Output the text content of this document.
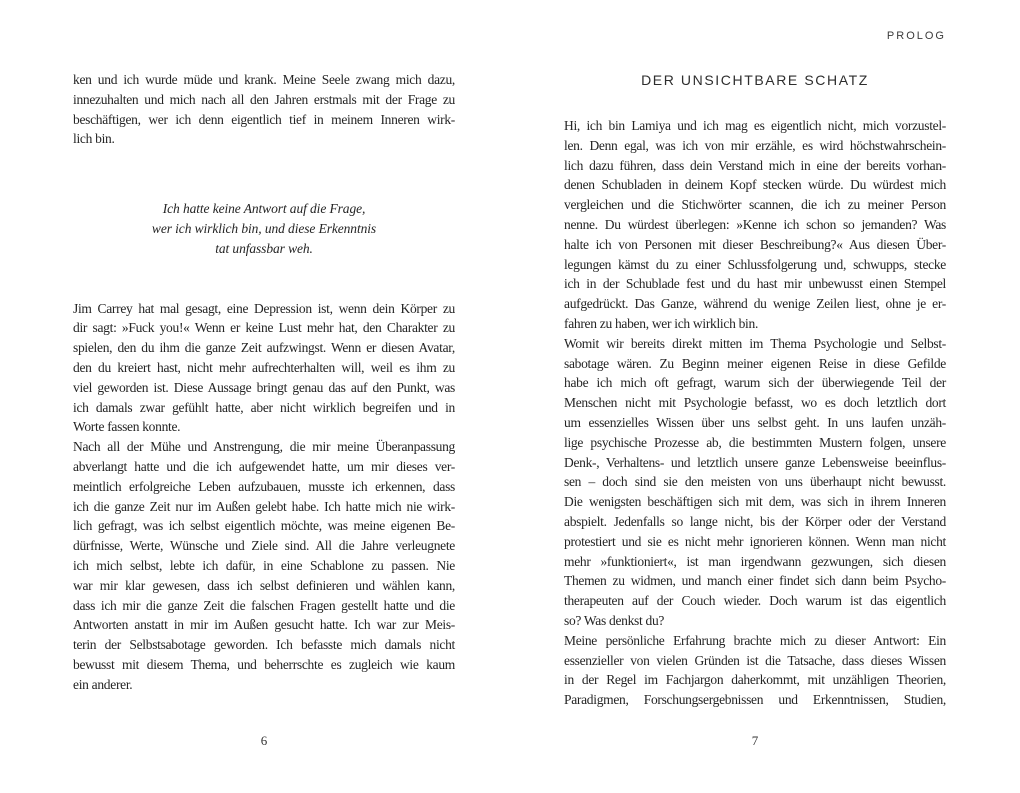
ken und ich wurde müde und krank. Meine Seele zwang mich dazu,
innezuhalten und mich nach all den Jahren erstmals mit der Frage zu
beschäftigen, wer ich denn eigentlich tief in meinem Inneren wirk-
lich bin.
Ich hatte keine Antwort auf die Frage,
wer ich wirklich bin, und diese Erkenntnis
tat unfassbar weh.
Jim Carrey hat mal gesagt, eine Depression ist, wenn dein Körper zu
dir sagt: »Fuck you!« Wenn er keine Lust mehr hat, den Charakter zu
spielen, den du ihm die ganze Zeit aufzwingst. Wenn er diesen Avatar,
den du kreiert hast, nicht mehr aufrechterhalten will, weil es ihm zu
viel geworden ist. Diese Aussage bringt genau das auf den Punkt, was
ich damals zwar gefühlt hatte, aber nicht wirklich begreifen und in
Worte fassen konnte.
Nach all der Mühe und Anstrengung, die mir meine Überanpassung
abverlangt hatte und die ich aufgewendet hatte, um mir dieses ver-
meintlich erfolgreiche Leben aufzubauen, musste ich erkennen, dass
ich die ganze Zeit nur im Außen gelebt habe. Ich hatte mich nie wirk-
lich gefragt, was ich selbst eigentlich möchte, was meine eigenen Be-
dürfnisse, Werte, Wünsche und Ziele sind. All die Jahre verleugnete
ich mich selbst, lebte ich dafür, in eine Schablone zu passen. Nie
war mir klar gewesen, dass ich selbst definieren und wählen kann,
dass ich mir die ganze Zeit die falschen Fragen gestellt hatte und die
Antworten anstatt in mir im Außen gesucht hatte. Ich war zur Meis-
terin der Selbstsabotage geworden. Ich befasste mich damals nicht
bewusst mit diesem Thema, und beherrschte es zugleich wie kaum
ein anderer.
PROLOG
DER UNSICHTBARE SCHATZ
Hi, ich bin Lamiya und ich mag es eigentlich nicht, mich vorzustel-
len. Denn egal, was ich von mir erzähle, es wird höchstwahrschein-
lich dazu führen, dass dein Verstand mich in eine der bereits vorhan-
denen Schubladen in deinem Kopf stecken würde. Du würdest mich
vergleichen und die Stichwörter scannen, die ich zu meiner Person
nenne. Du würdest überlegen: »Kenne ich schon so jemanden? Was
halte ich von Personen mit dieser Beschreibung?« Aus diesen Über-
legungen kämst du zu einer Schlussfolgerung und, schwupps, stecke
ich in der Schublade fest und du hast mir unbewusst einen Stempel
aufgedrückt. Das Ganze, während du wenige Zeilen liest, ohne je er-
fahren zu haben, wer ich wirklich bin.
Womit wir bereits direkt mitten im Thema Psychologie und Selbst-
sabotage wären. Zu Beginn meiner eigenen Reise in diese Gefilde
habe ich mich oft gefragt, warum sich der überwiegende Teil der
Menschen nicht mit Psychologie befasst, wo es doch letztlich dort
um essenzielles Wissen über uns selbst geht. In uns laufen unzäh-
lige psychische Prozesse ab, die bestimmten Mustern folgen, unsere
Denk-, Verhaltens- und letztlich unsere ganze Lebensweise beeinflus-
sen – doch sind sie den meisten von uns überhaupt nicht bewusst.
Die wenigsten beschäftigen sich mit dem, was sich in ihrem Inneren
abspielt. Jedenfalls so lange nicht, bis der Körper oder der Verstand
protestiert und sie es nicht mehr ignorieren können. Wenn man nicht
mehr »funktioniert«, ist man irgendwann gezwungen, sich diesen
Themen zu widmen, und manch einer findet sich dann beim Psycho-
therapeuten auf der Couch wieder. Doch warum ist das eigentlich
so? Was denkst du?
Meine persönliche Erfahrung brachte mich zu dieser Antwort: Ein
essenzieller von vielen Gründen ist die Tatsache, dass dieses Wissen
in der Regel im Fachjargon daherkommt, mit unzähligen Theorien,
Paradigmen, Forschungsergebnissen und Erkenntnissen, Studien,
6	7
